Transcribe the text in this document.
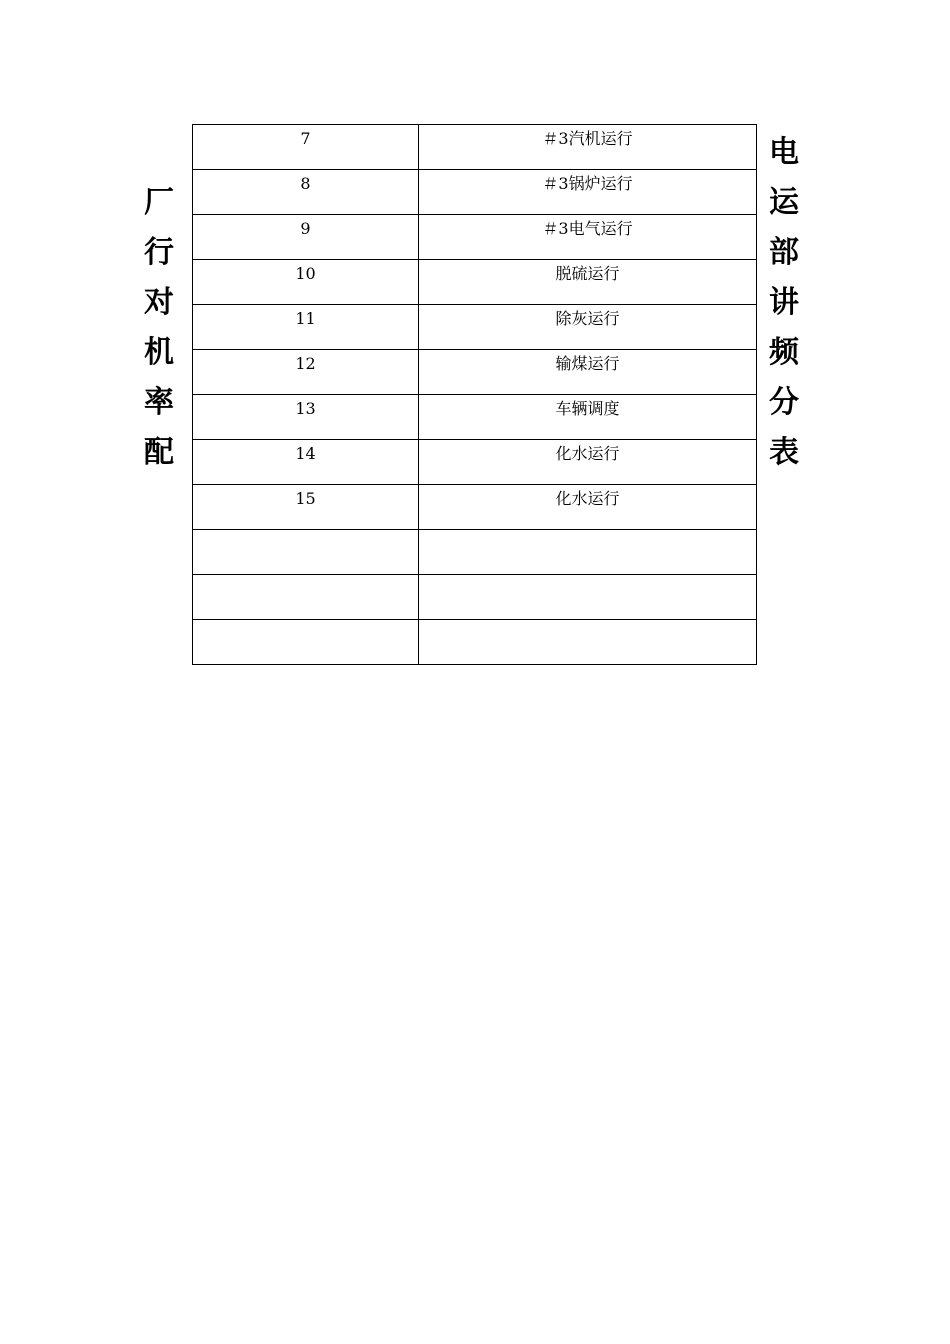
厂
行
对
机
率
配
电
运
部
讲
频
分
表
7	＃3汽机运行

8	＃3锅炉运行

9	＃3电气运行

10	脱硫运行

11	除灰运行

12	输煤运行

13	车辆调度

14	化水运行

15	化水运行
